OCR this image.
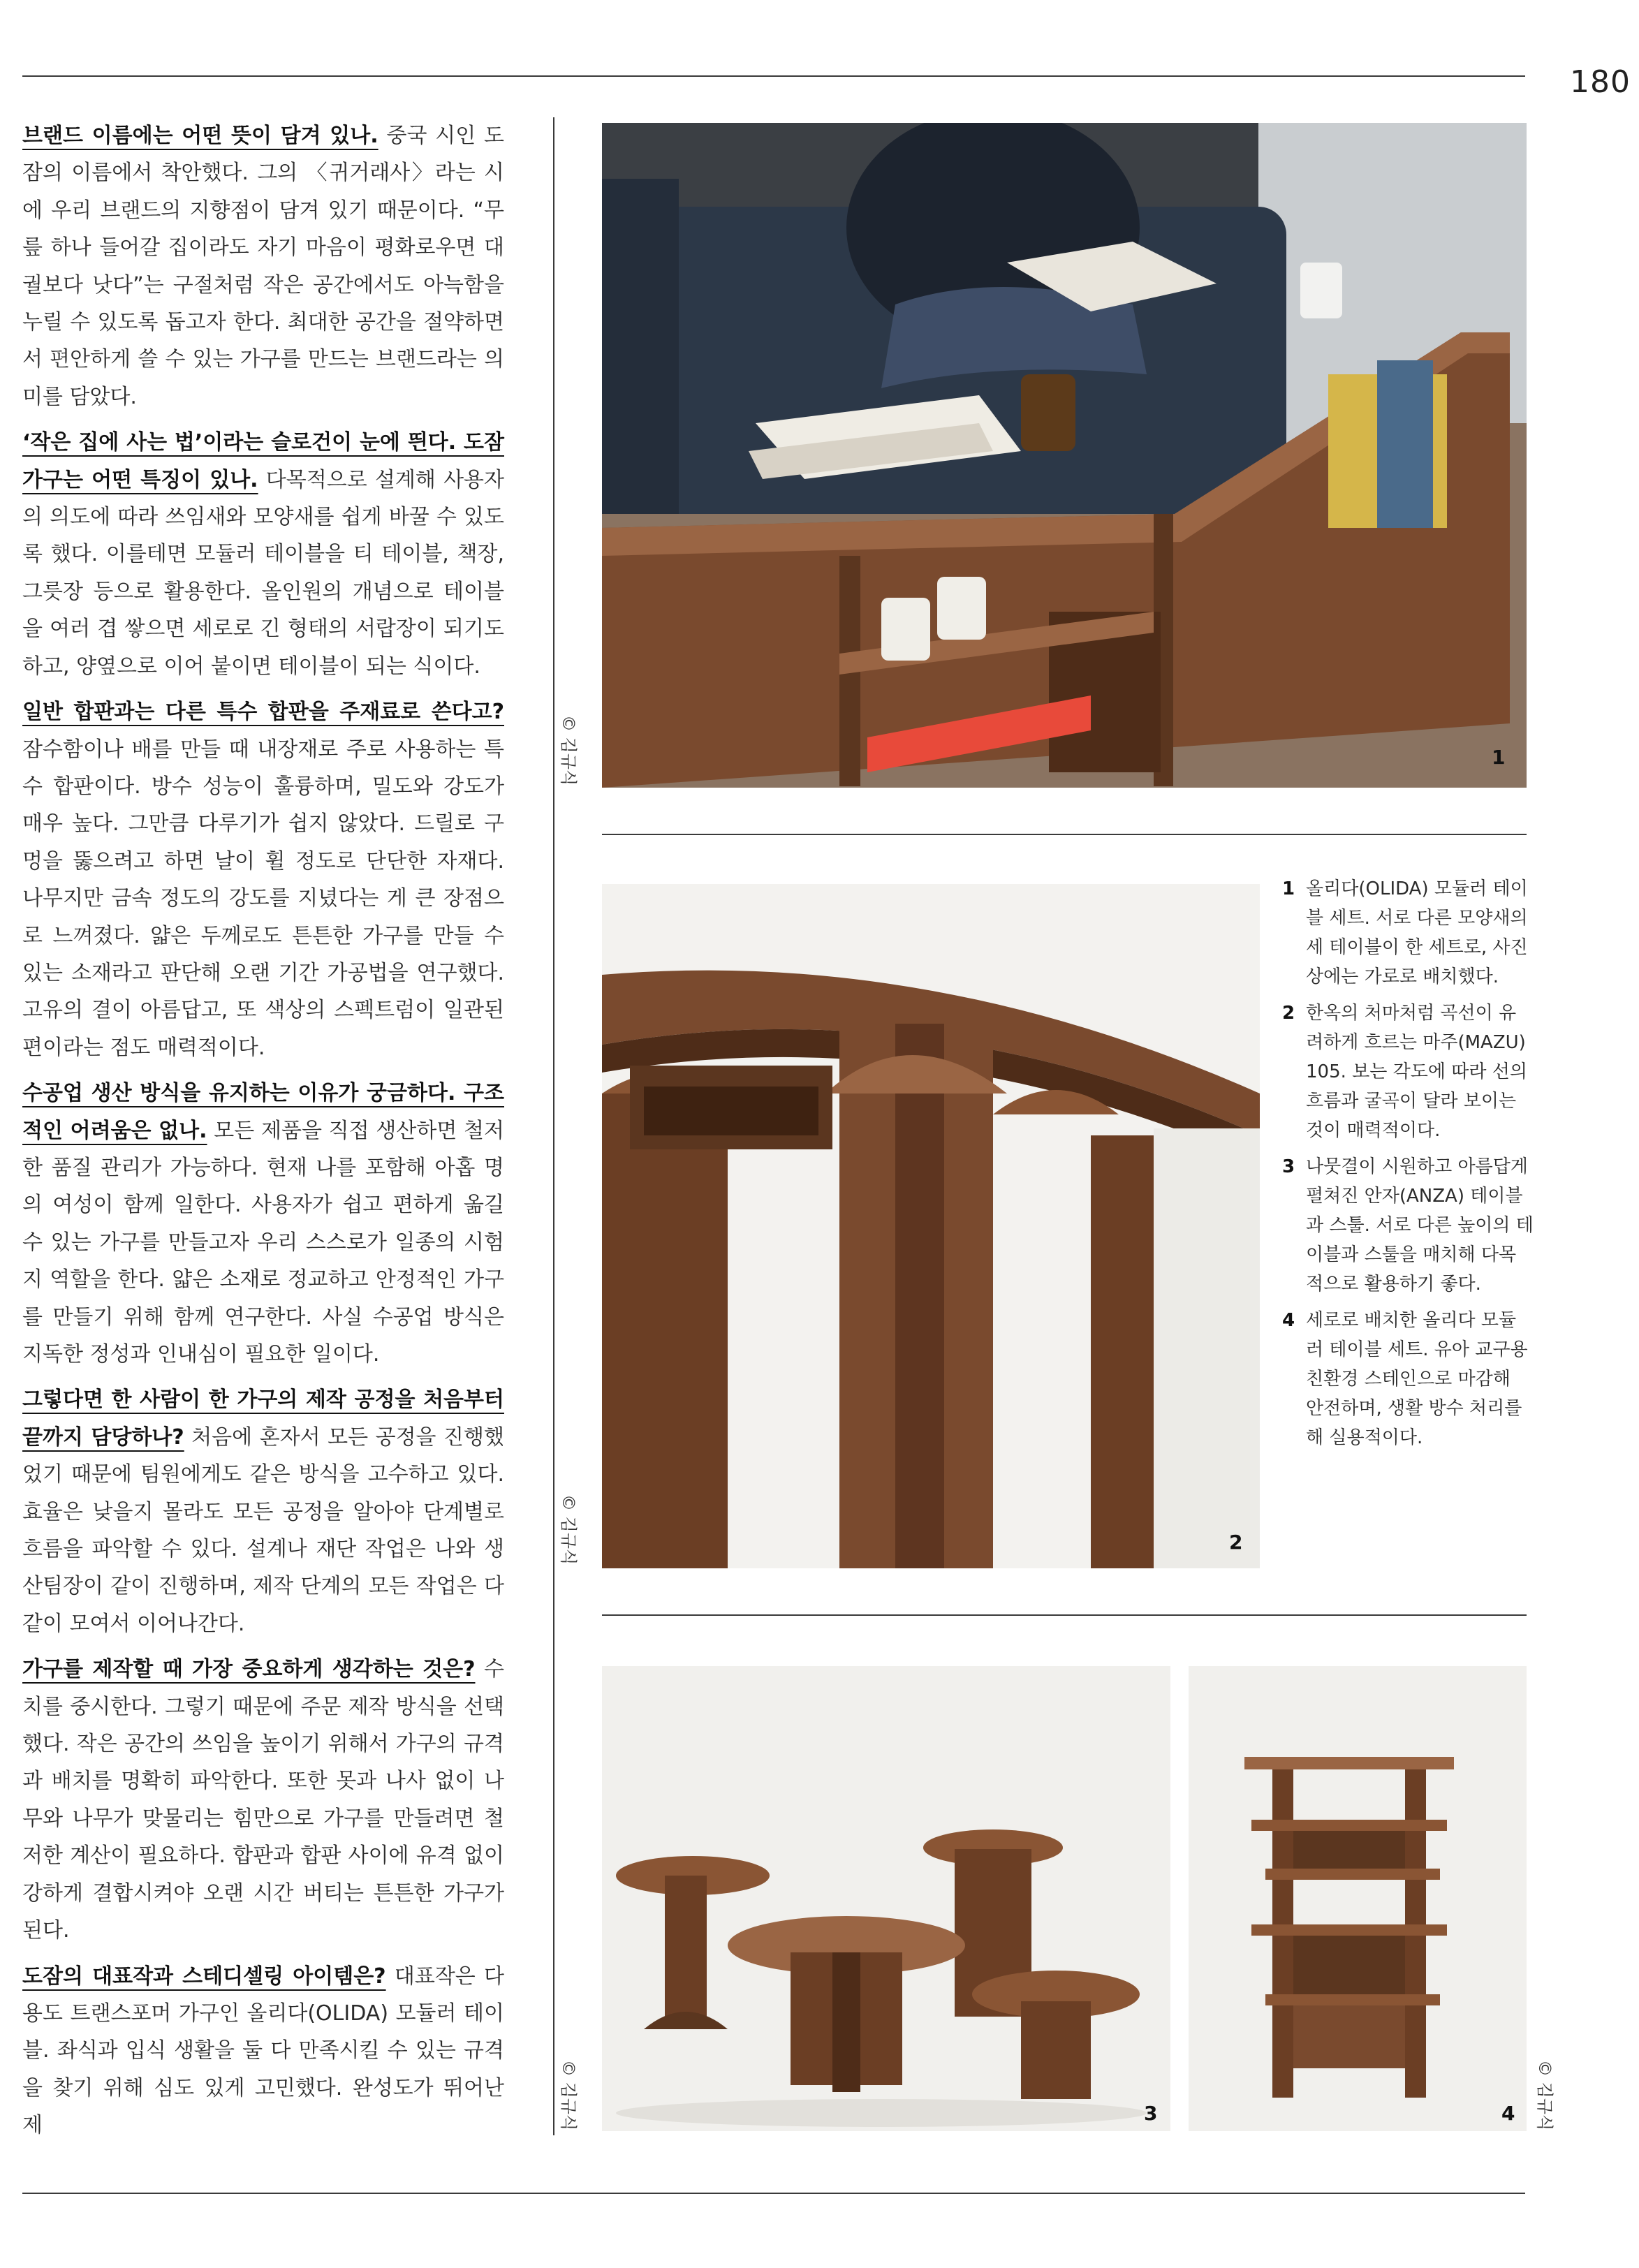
180

브랜드 이름에는 어떤 뜻이 담겨 있나. 중국 시인 도잠의 이름에서 착안했다. 그의 〈귀거래사〉라는 시에 우리 브랜드의 지향점이 담겨 있기 때문이다. “무릎 하나 들어갈 집이라도 자기 마음이 평화로우면 대궐보다 낫다”는 구절처럼 작은 공간에서도 아늑함을 누릴 수 있도록 돕고자 한다. 최대한 공간을 절약하면서 편안하게 쓸 수 있는 가구를 만드는 브랜드라는 의미를 담았다.

‘작은 집에 사는 법’이라는 슬로건이 눈에 띈다. 도잠 가구는 어떤 특징이 있나. 다목적으로 설계해 사용자의 의도에 따라 쓰임새와 모양새를 쉽게 바꿀 수 있도록 했다. 이를테면 모듈러 테이블을 티 테이블, 책장, 그릇장 등으로 활용한다. 올인원의 개념으로 테이블을 여러 겹 쌓으면 세로로 긴 형태의 서랍장이 되기도 하고, 양옆으로 이어 붙이면 테이블이 되는 식이다.

일반 합판과는 다른 특수 합판을 주재료로 쓴다고? 잠수함이나 배를 만들 때 내장재로 주로 사용하는 특수 합판이다. 방수 성능이 훌륭하며, 밀도와 강도가 매우 높다. 그만큼 다루기가 쉽지 않았다. 드릴로 구멍을 뚫으려고 하면 날이 휠 정도로 단단한 자재다. 나무지만 금속 정도의 강도를 지녔다는 게 큰 장점으로 느껴졌다. 얇은 두께로도 튼튼한 가구를 만들 수 있는 소재라고 판단해 오랜 기간 가공법을 연구했다. 고유의 결이 아름답고, 또 색상의 스펙트럼이 일관된 편이라는 점도 매력적이다.

수공업 생산 방식을 유지하는 이유가 궁금하다. 구조적인 어려움은 없나. 모든 제품을 직접 생산하면 철저한 품질 관리가 가능하다. 현재 나를 포함해 아홉 명의 여성이 함께 일한다. 사용자가 쉽고 편하게 옮길 수 있는 가구를 만들고자 우리 스스로가 일종의 시험지 역할을 한다. 얇은 소재로 정교하고 안정적인 가구를 만들기 위해 함께 연구한다. 사실 수공업 방식은 지독한 정성과 인내심이 필요한 일이다.

그렇다면 한 사람이 한 가구의 제작 공정을 처음부터 끝까지 담당하나? 처음에 혼자서 모든 공정을 진행했었기 때문에 팀원에게도 같은 방식을 고수하고 있다. 효율은 낮을지 몰라도 모든 공정을 알아야 단계별로 흐름을 파악할 수 있다. 설계나 재단 작업은 나와 생산팀장이 같이 진행하며, 제작 단계의 모든 작업은 다 같이 모여서 이어나간다.

가구를 제작할 때 가장 중요하게 생각하는 것은? 수치를 중시한다. 그렇기 때문에 주문 제작 방식을 선택했다. 작은 공간의 쓰임을 높이기 위해서 가구의 규격과 배치를 명확히 파악한다. 또한 못과 나사 없이 나무와 나무가 맞물리는 힘만으로 가구를 만들려면 철저한 계산이 필요하다. 합판과 합판 사이에 유격 없이 강하게 결합시켜야 오랜 시간 버티는 튼튼한 가구가 된다.

도잠의 대표작과 스테디셀링 아이템은? 대표작은 다용도 트랜스포머 가구인 올리다(OLIDA) 모듈러 테이블. 좌식과 입식 생활을 둘 다 만족시킬 수 있는 규격을 찾기 위해 심도 있게 고민했다. 완성도가 뛰어난 제

1
© 김규식
2
© 김규식
1 올리다(OLIDA) 모듈러 테이블 세트. 서로 다른 모양새의 세 테이블이 한 세트로, 사진상에는 가로로 배치했다.
2 한옥의 처마처럼 곡선이 유려하게 흐르는 마주(MAZU) 105. 보는 각도에 따라 선의 흐름과 굴곡이 달라 보이는 것이 매력적이다.
3 나뭇결이 시원하고 아름답게 펼쳐진 안자(ANZA) 테이블과 스툴. 서로 다른 높이의 테이블과 스툴을 매치해 다목적으로 활용하기 좋다.
4 세로로 배치한 올리다 모듈러 테이블 세트. 유아 교구용 친환경 스테인으로 마감해 안전하며, 생활 방수 처리를 해 실용적이다.
3
© 김규식	4 © 김규식
